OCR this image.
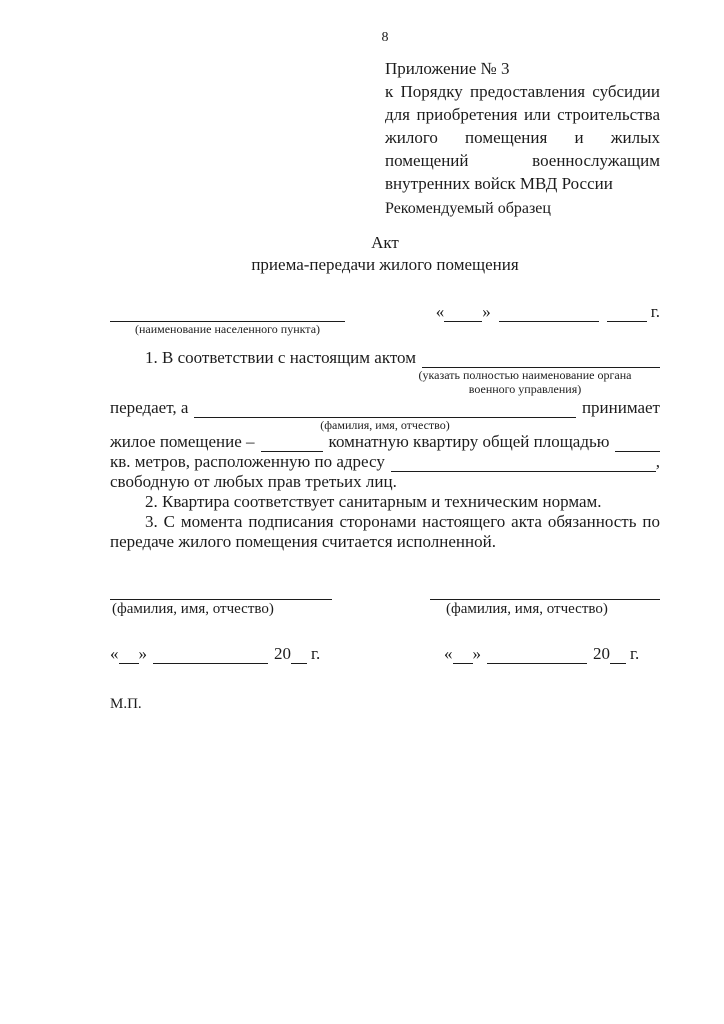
8
Приложение № 3
к Порядку предоставления субсидии
для приобретения или строительства
жилого помещения и жилых
помещений военнослужащим
внутренних войск МВД России
Рекомендуемый образец
Акт
приема-передачи жилого помещения
« »	г.
(наименование населенного пункта)
1. В соответствии с настоящим актом
(указать полностью наименование органа
военного управления)
передает, а	принимает
(фамилия, имя, отчество)
жилое помещение –	комнатную квартиру общей площадью
кв. метров, расположенную по адресу	,
свободную от любых прав третьих лиц.
2. Квартира соответствует санитарным и техническим нормам.
3. С момента подписания сторонами настоящего акта обязанность по
передаче жилого помещения считается исполненной.
(фамилия, имя, отчество)
« »	20 г.
(фамилия, имя, отчество)
« »	20 г.
М.П.
